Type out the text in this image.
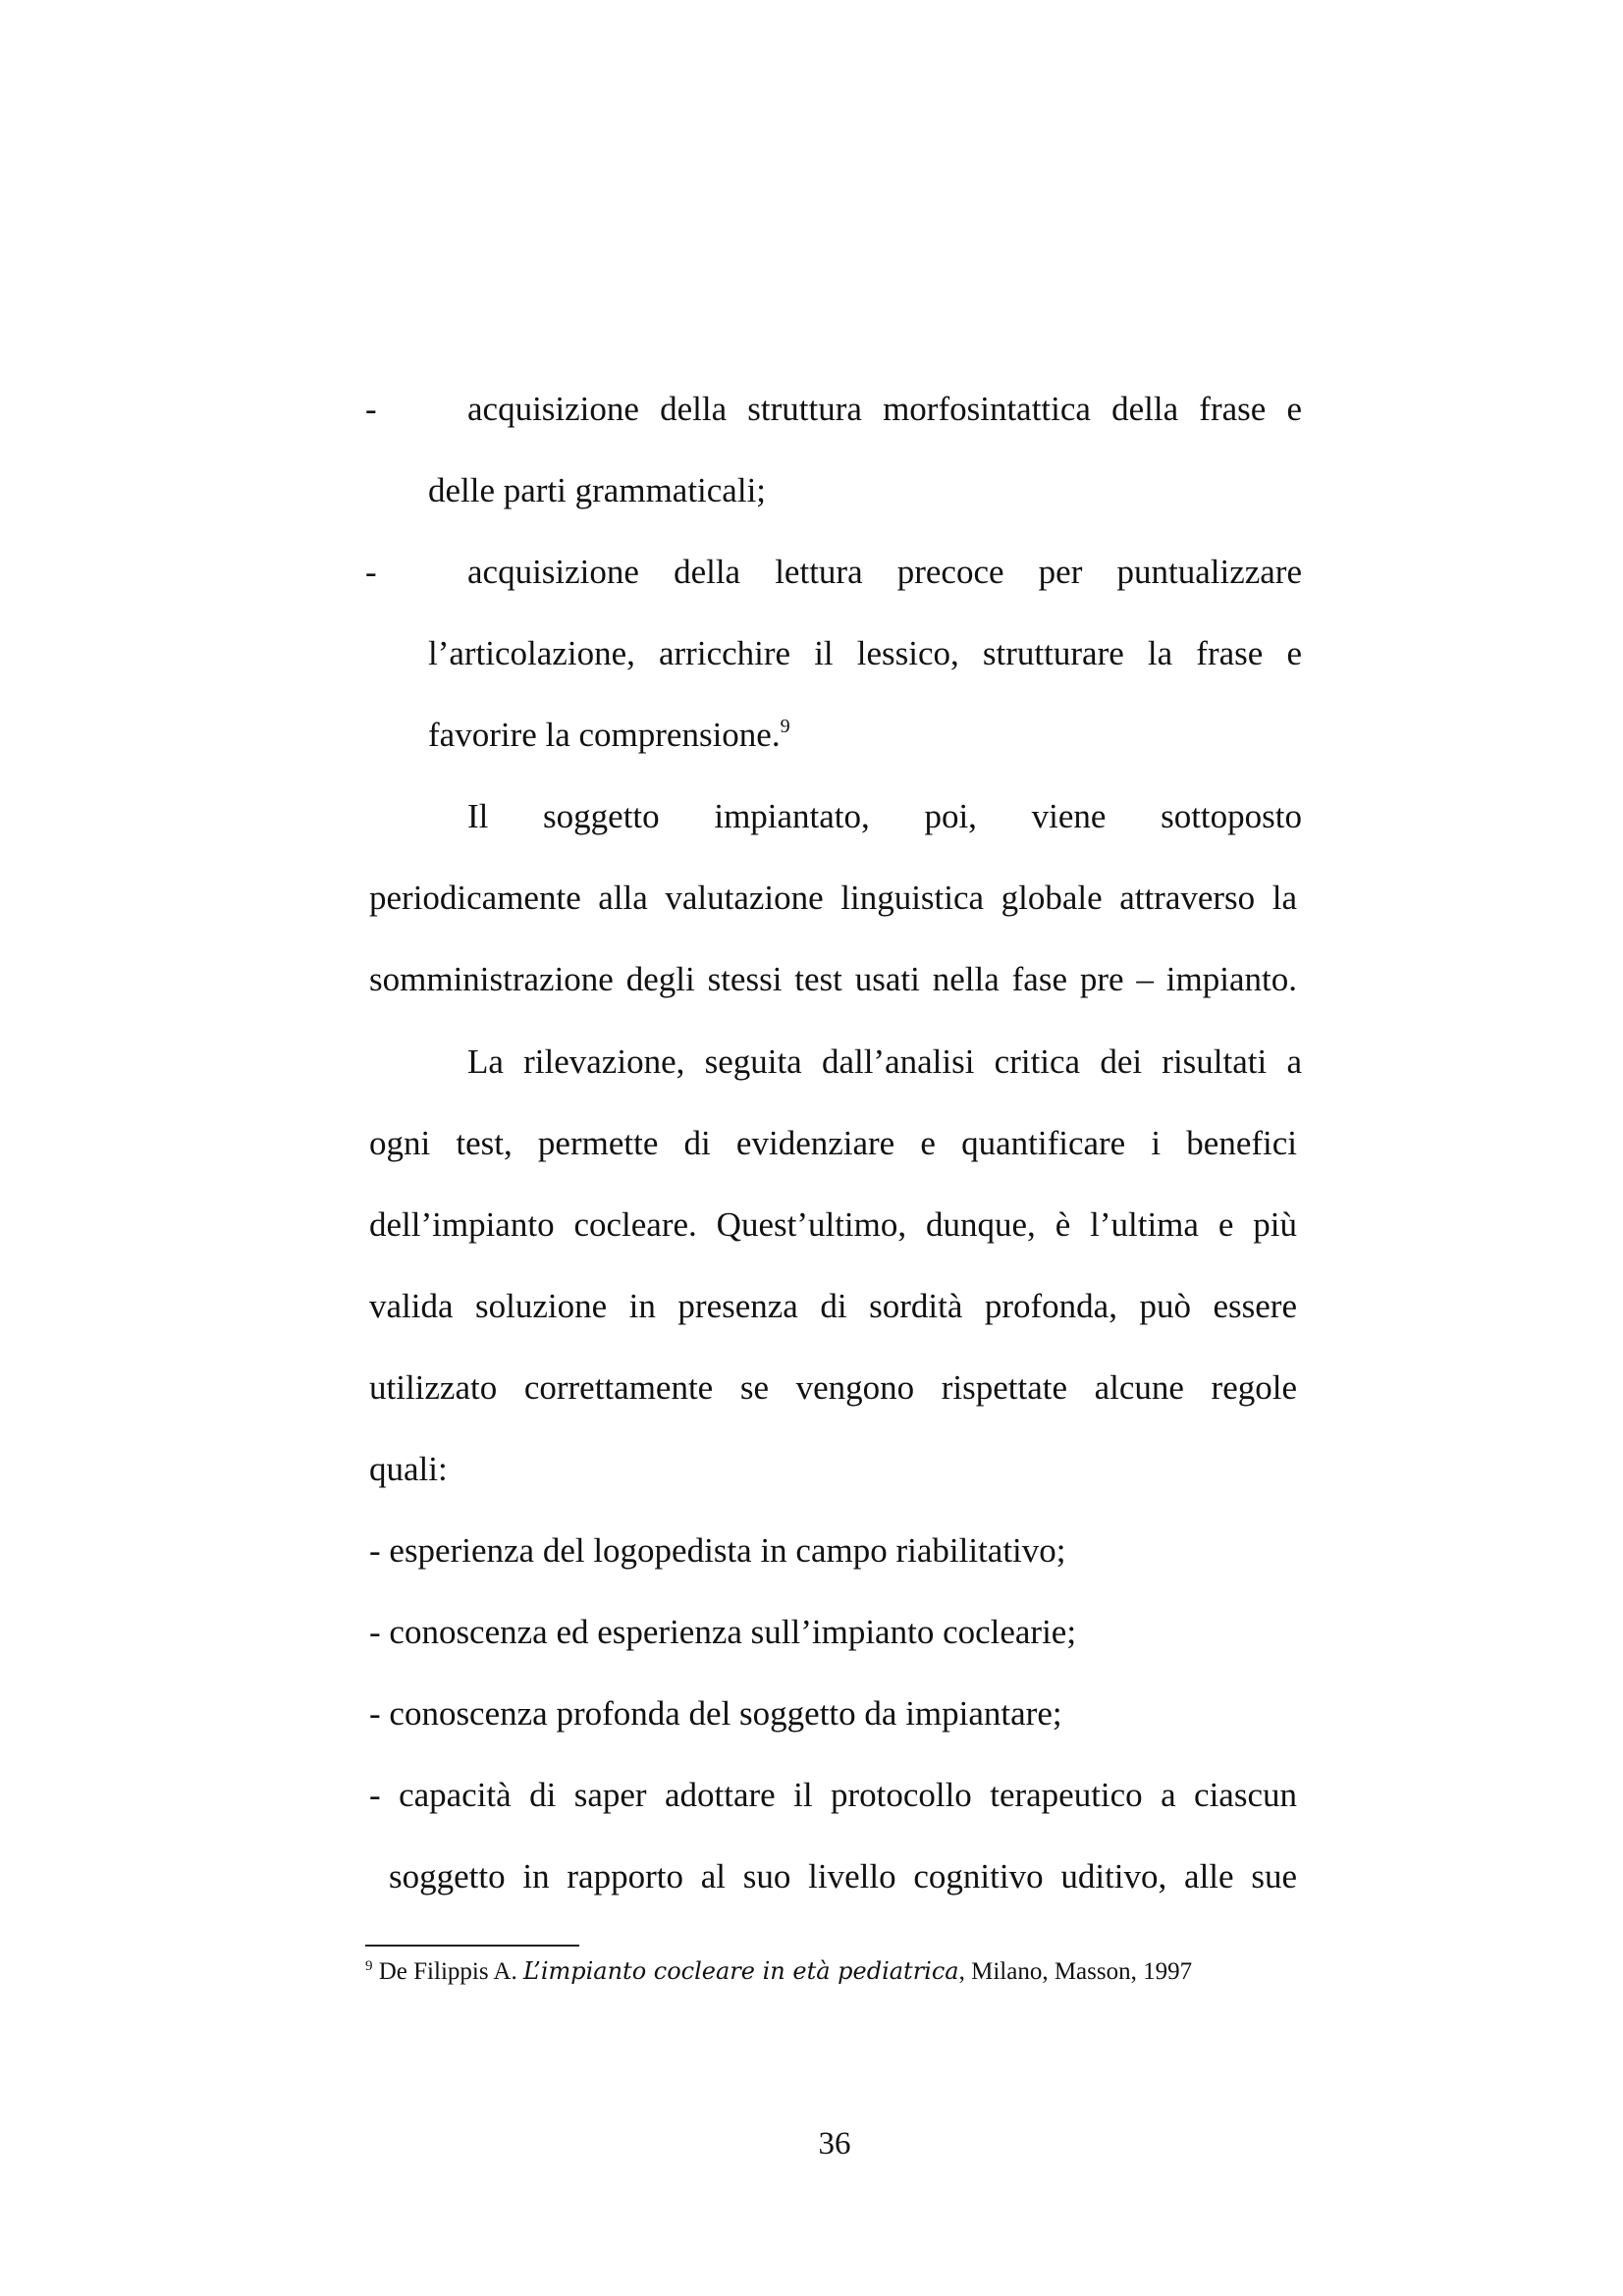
-	acquisizione della struttura morfosintattica della frase e
delle parti grammaticali;
-	acquisizione della lettura precoce per puntualizzare
l’articolazione, arricchire il lessico, strutturare la frase e
favorire la comprensione.$^9$
Il soggetto impiantato, poi, viene sottoposto
periodicamente alla valutazione linguistica globale attraverso la
somministrazione degli stessi test usati nella fase pre – impianto.
La rilevazione, seguita dall’analisi critica dei risultati a
ogni test, permette di evidenziare e quantificare i benefici
dell’impianto cocleare. Quest’ultimo, dunque, è l’ultima e più
valida soluzione in presenza di sordità profonda, può essere
utilizzato correttamente se vengono rispettate alcune regole
quali:
- esperienza del logopedista in campo riabilitativo;
- conoscenza ed esperienza sull’impianto coclearie;
- conoscenza profonda del soggetto da impiantare;
- capacità di saper adottare il protocollo terapeutico a ciascun
soggetto in rapporto al suo livello cognitivo uditivo, alle sue
$^9$ De Filippis A. L’impianto cocleare in età pediatrica, Milano, Masson, 1997
36
